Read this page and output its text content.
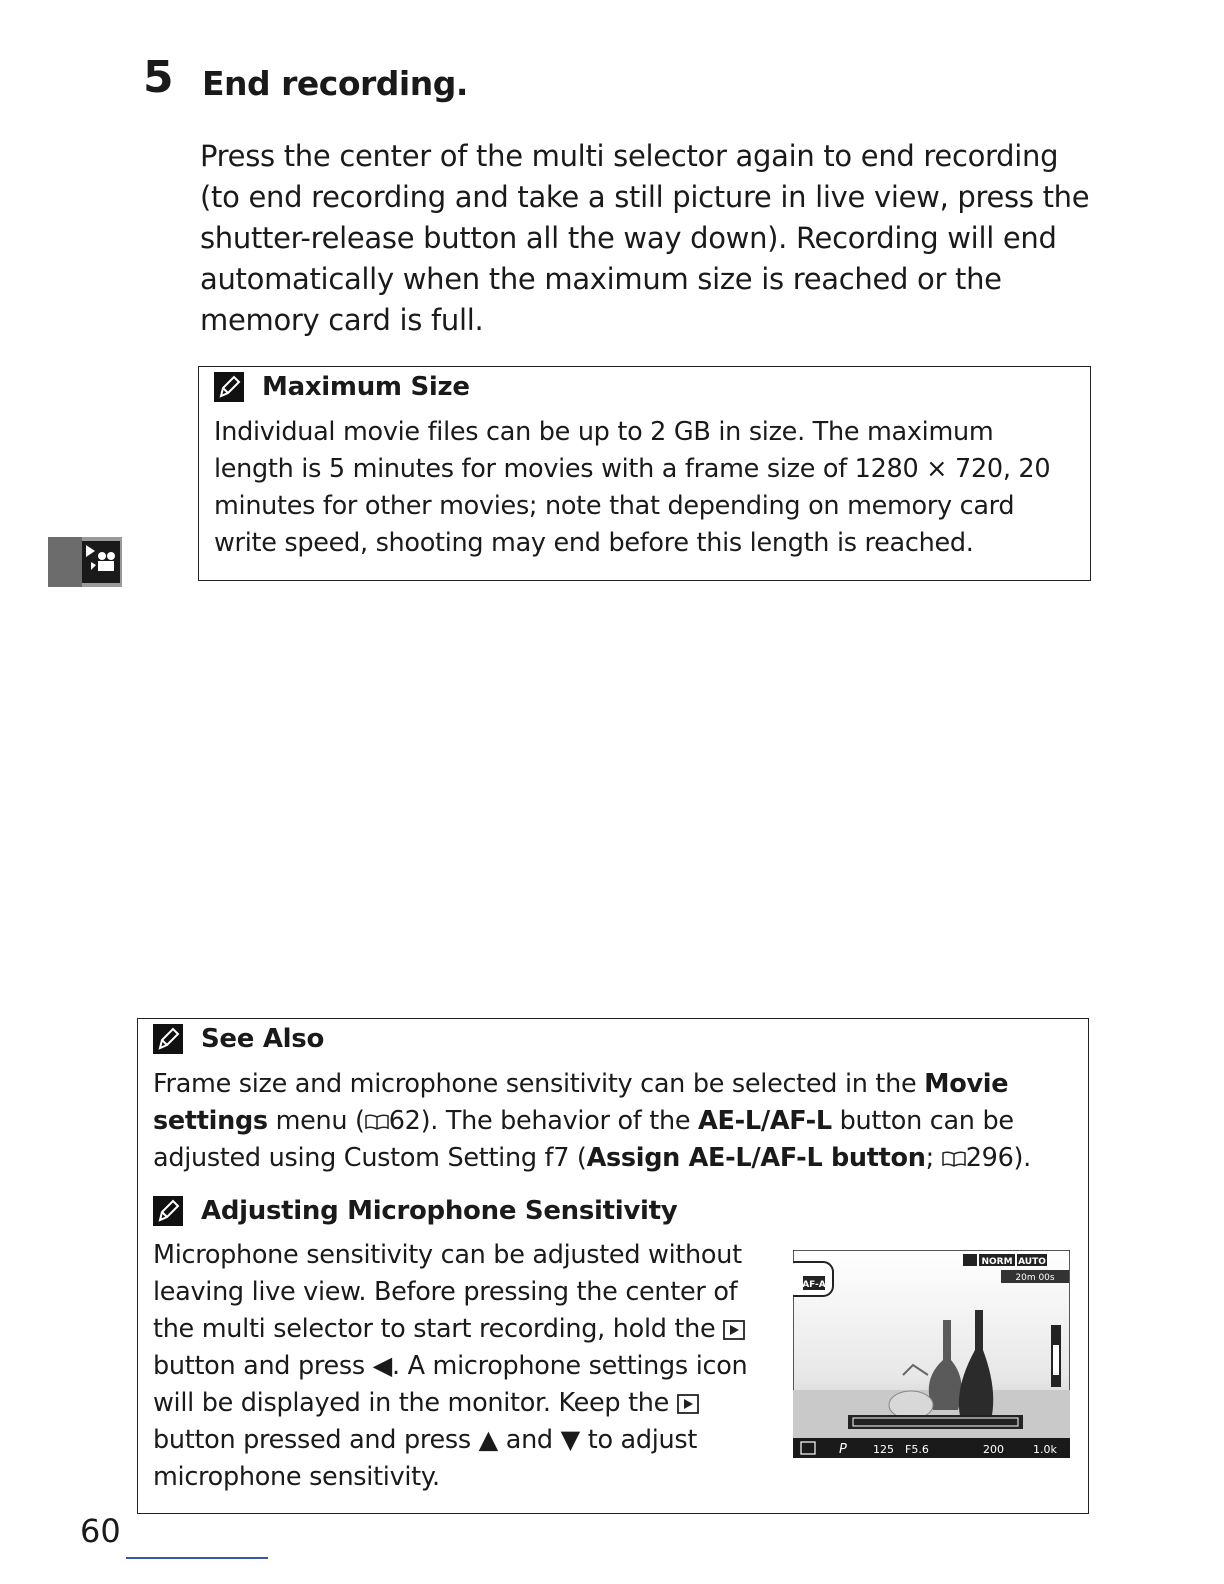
5 End recording.

Press the center of the multi selector again to end recording (to end recording and take a still picture in live view, press the shutter-release button all the way down). Recording will end automatically when the maximum size is reached or the memory card is full.

Maximum Size
Individual movie files can be up to 2 GB in size. The maximum length is 5 minutes for movies with a frame size of 1280 × 720, 20 minutes for other movies; note that depending on memory card write speed, shooting may end before this length is reached.
See Also
Frame size and microphone sensitivity can be selected in the Movie settings menu ( 62). The behavior of the AE-L/AF-L button can be adjusted using Custom Setting f7 (Assign AE-L/AF-L button; 296).
Adjusting Microphone Sensitivity
Microphone sensitivity can be adjusted without leaving live view. Before pressing the center of the multi selector to start recording, hold the  button and press ◀. A microphone settings icon will be displayed in the monitor. Keep the  button pressed and press ▲ and ▼ to adjust microphone sensitivity.
AF-A
NORM AUTO
20m 00s
P 125 F5.6	200	1.0k
60
